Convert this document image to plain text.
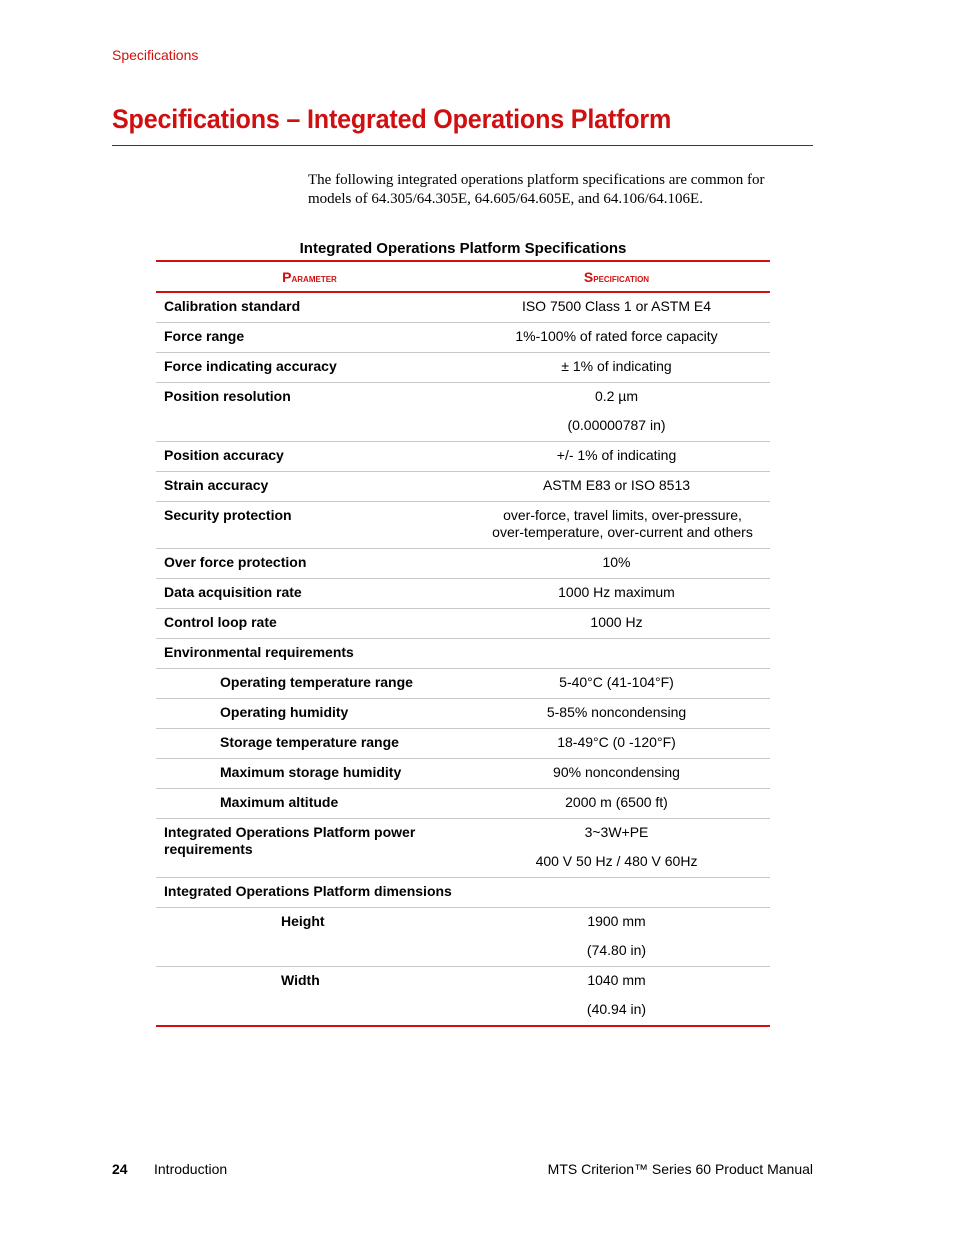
Specifications
Specifications – Integrated Operations Platform

The following integrated operations platform specifications are common for models of 64.305/64.305E, 64.605/64.605E, and 64.106/64.106E.

Integrated Operations Platform Specifications
Parameter	Specification
Calibration standard	ISO 7500 Class 1 or ASTM E4
Force range	1%-100% of rated force capacity
Force indicating accuracy	± 1% of indicating
Position resolution	0.2 µm
(0.00000787 in)

Position accuracy	+/- 1% of indicating
Strain accuracy	ASTM E83 or ISO 8513
Security protection	over-force, travel limits, over-pressure, over-temperature, over-current and others
Over force protection	10%
Data acquisition rate	1000 Hz maximum
Control loop rate	1000 Hz
Environmental requirements	
Operating temperature range	5-40°C (41-104°F)
Operating humidity	5-85% noncondensing
Storage temperature range	18-49°C (0 -120°F)
Maximum storage humidity	90% noncondensing
Maximum altitude	2000 m (6500 ft)
Integrated Operations Platform power requirements	3~3W+PE
400 V 50 Hz / 480 V 60Hz

Integrated Operations Platform dimensions	
Height	1900 mm
(74.80 in)

Width	1040 mm
(40.94 in)
24 Introduction	MTS Criterion™ Series 60 Product Manual
